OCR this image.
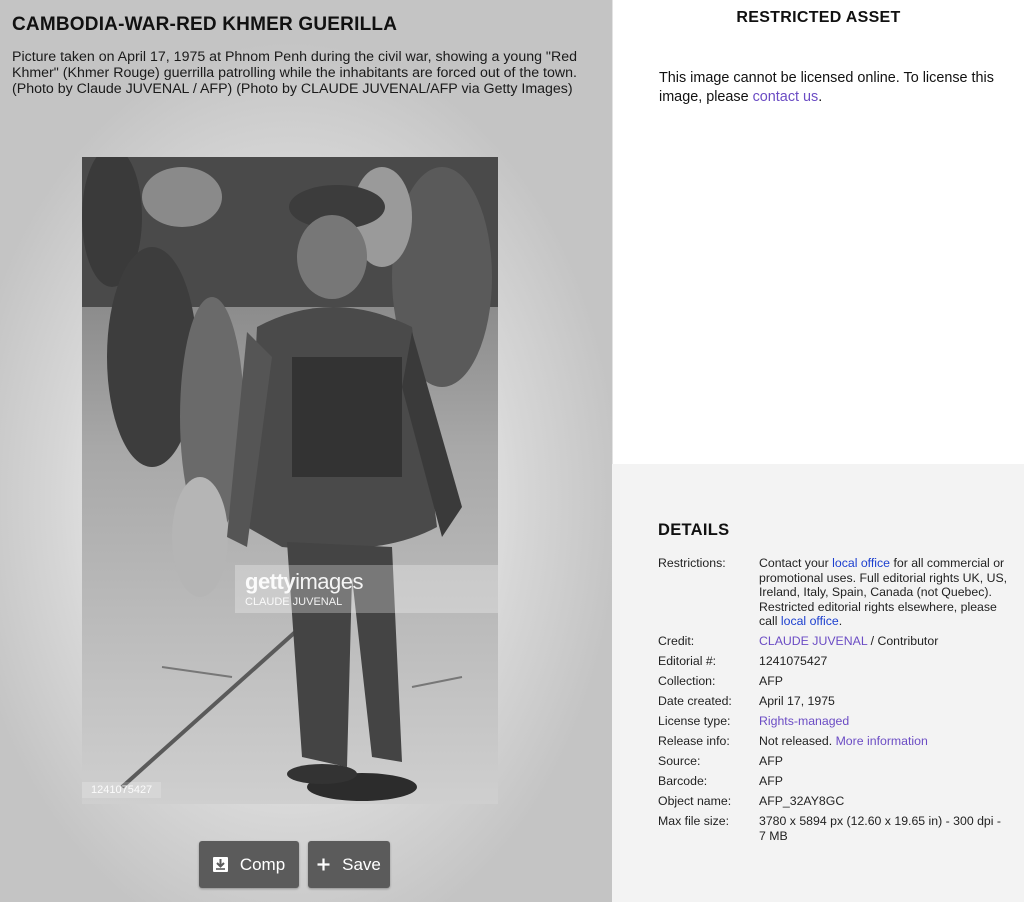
CAMBODIA-WAR-RED KHMER GUERILLA

Picture taken on April 17, 1975 at Phnom Penh during the civil war, showing a young "Red Khmer" (Khmer Rouge) guerrilla patrolling while the inhabitants are forced out of the town. (Photo by Claude JUVENAL / AFP) (Photo by CLAUDE JUVENAL/AFP via Getty Images)

gettyimages
CLAUDE JUVENAL
1241075427
Comp	Save
RESTRICTED ASSET

This image cannot be licensed online. To license this image, please contact us.

DETAILS
Restrictions:	Contact your local office for all commercial or promotional uses. Full editorial rights UK, US, Ireland, Italy, Spain, Canada (not Quebec). Restricted editorial rights elsewhere, please call local office.
Credit:	CLAUDE JUVENAL / Contributor
Editorial #:	1241075427
Collection:	AFP
Date created:	April 17, 1975
License type:	Rights-managed
Release info:	Not released. More information
Source:	AFP
Barcode:	AFP
Object name:	AFP_32AY8GC
Max file size:	3780 x 5894 px (12.60 x 19.65 in) - 300 dpi - 7 MB
